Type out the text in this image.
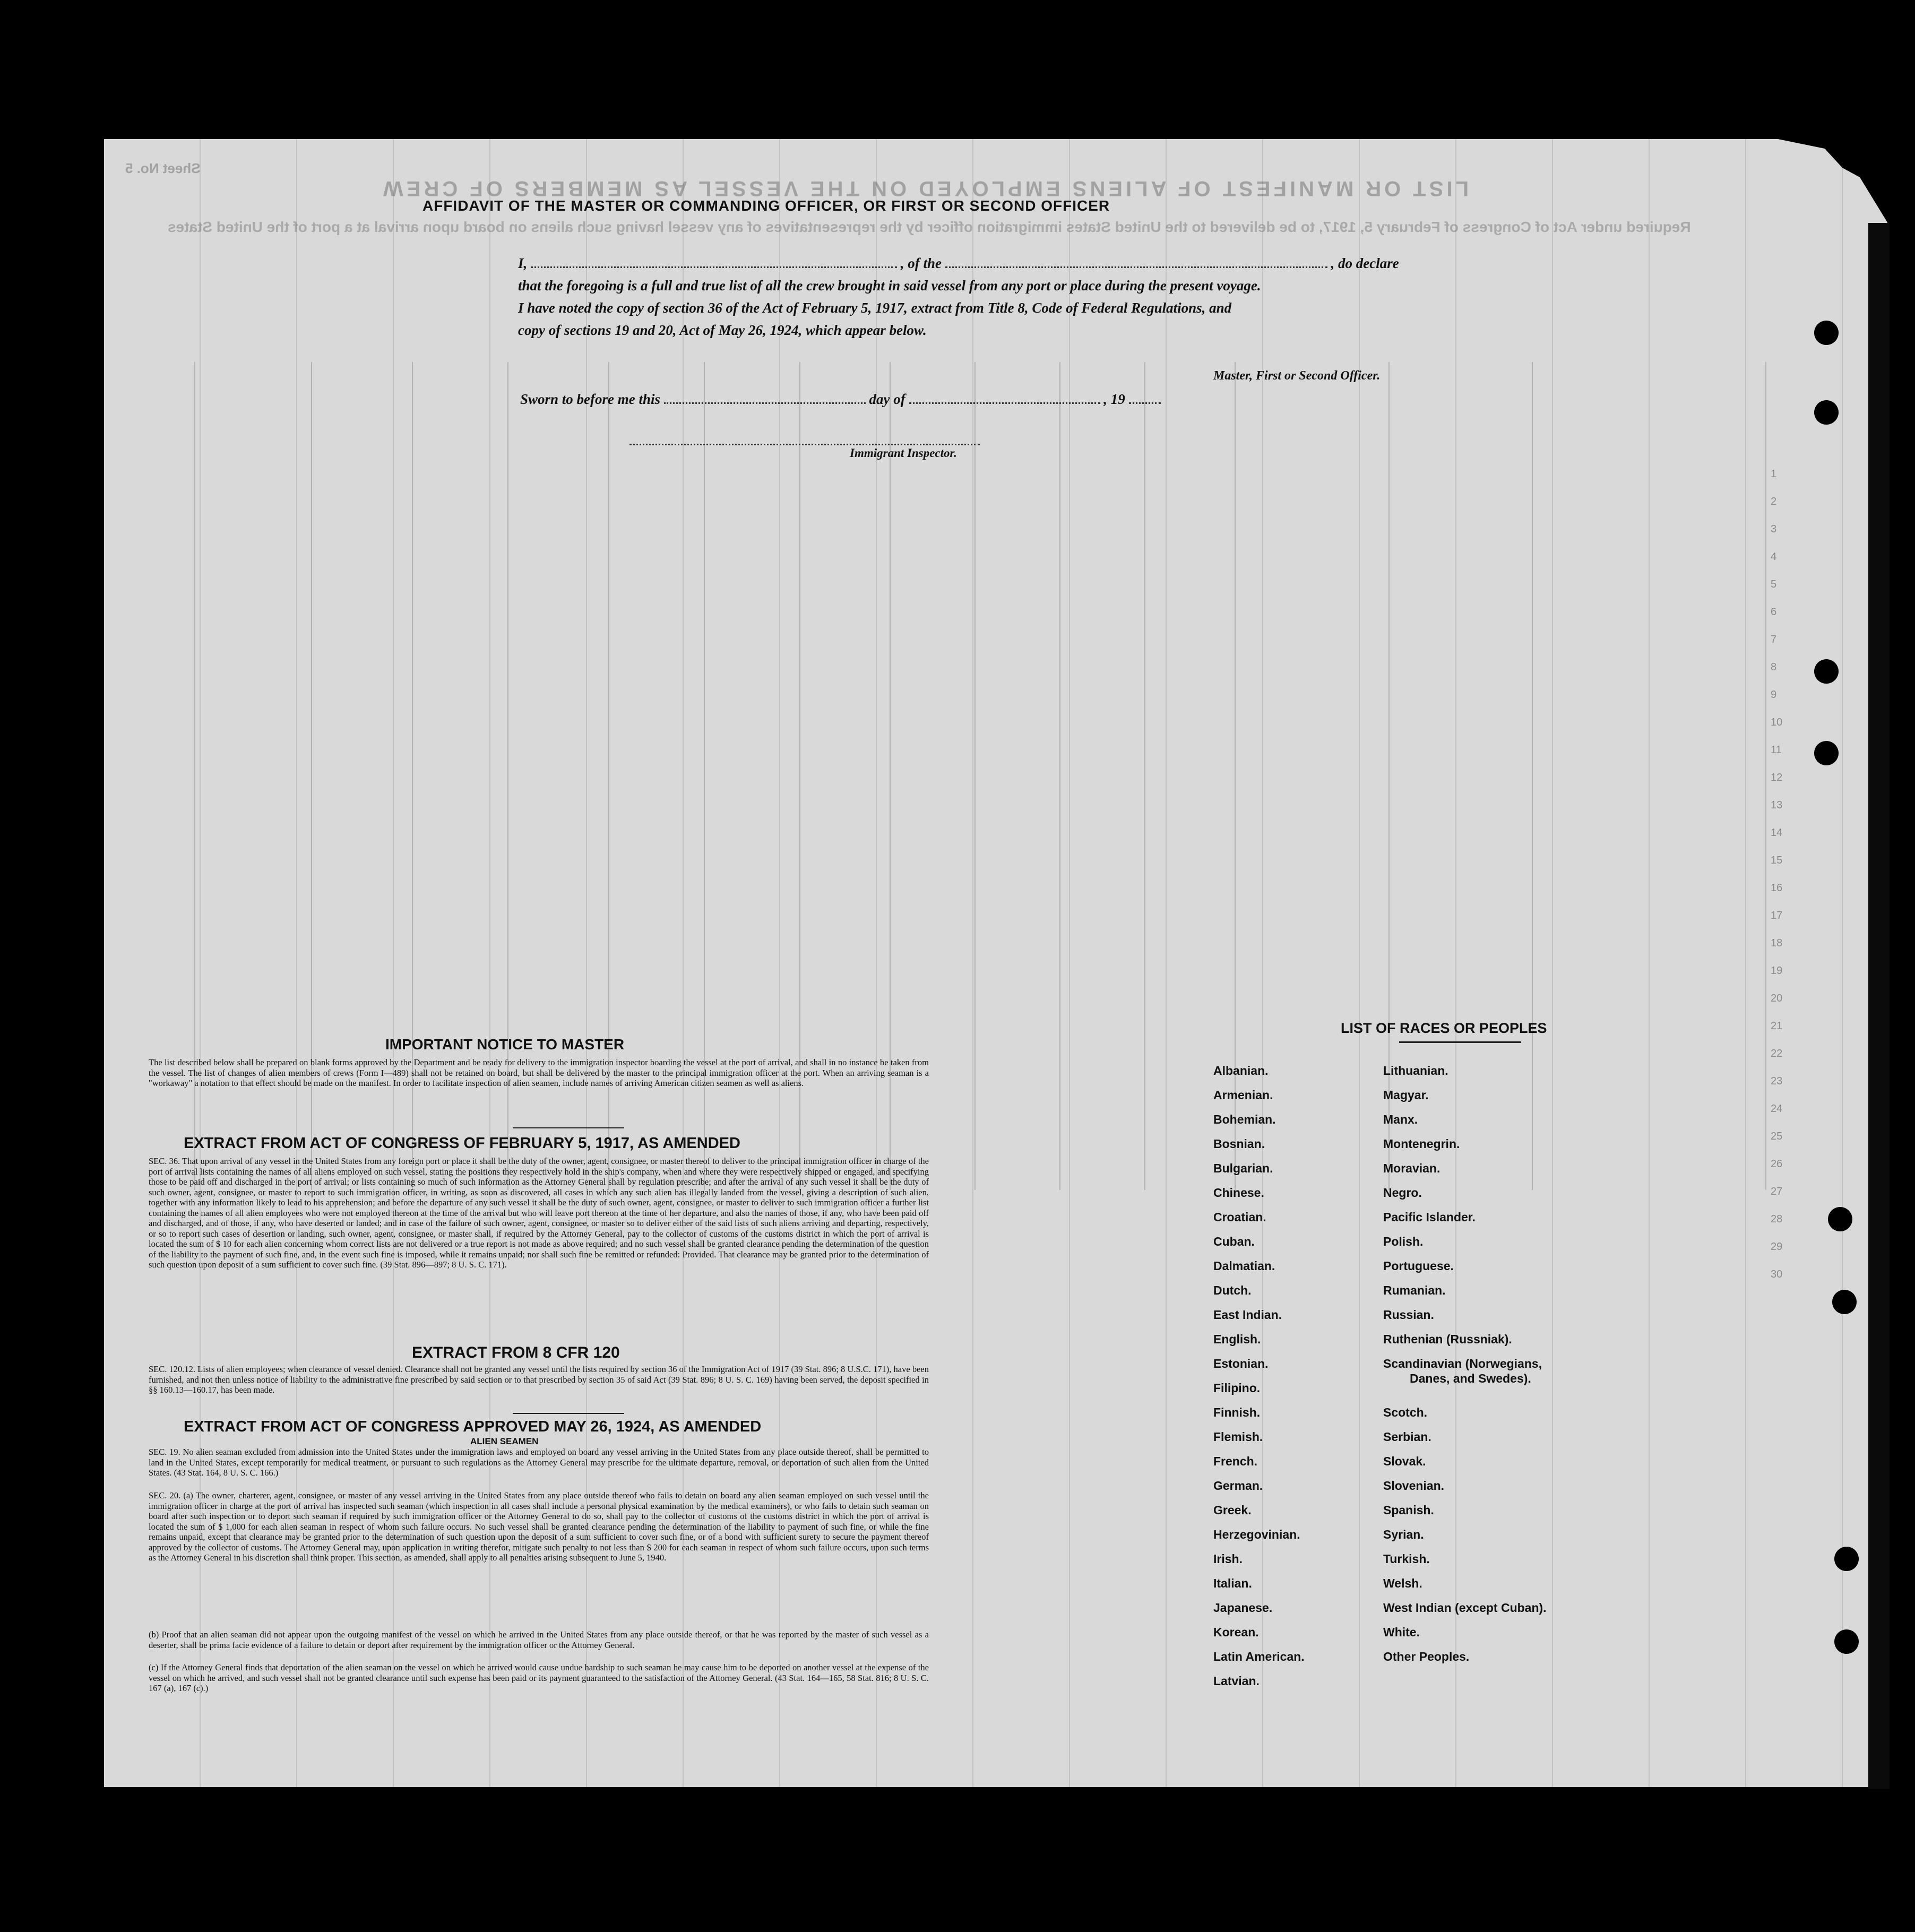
LIST OR MANIFEST OF ALIENS EMPLOYED ON THE VESSEL AS MEMBERS OF CREW
Required under Act of Congress of February 5, 1917, to be delivered to the United States immigration officer by the representatives of any vessel having such aliens on board upon arrival at a port of the United States
Sheet No. 5
AFFIDAVIT OF THE MASTER OR COMMANDING OFFICER, OR FIRST OR SECOND OFFICER
I,	, of the	, do declare
that the foregoing is a full and true list of all the crew brought in said vessel from any port or place during the present voyage.
I have noted the copy of section 36 of the Act of February 5, 1917, extract from Title 8, Code of Federal Regulations, and
copy of sections 19 and 20, Act of May 26, 1924, which appear below.
Master, First or Second Officer.
Sworn to before me this	day of	, 19
Immigrant Inspector.
IMPORTANT NOTICE TO MASTER
The list described below shall be prepared on blank forms approved by the Department and be ready for delivery to the immigration inspector boarding the vessel at the port of arrival, and shall in no instance be taken from the vessel. The list of changes of alien members of crews (Form I—489) shall not be retained on board, but shall be delivered by the master to the principal immigration officer at the port. When an arriving seaman is a "workaway" a notation to that effect should be made on the manifest. In order to facilitate inspection of alien seamen, include names of arriving American citizen seamen as well as aliens.
EXTRACT FROM ACT OF CONGRESS OF FEBRUARY 5, 1917, AS AMENDED
SEC. 36. That upon arrival of any vessel in the United States from any foreign port or place it shall be the duty of the owner, agent, consignee, or master thereof to deliver to the principal immigration officer in charge of the port of arrival lists containing the names of all aliens employed on such vessel, stating the positions they respectively hold in the ship's company, when and where they were respectively shipped or engaged, and specifying those to be paid off and discharged in the port of arrival; or lists containing so much of such information as the Attorney General shall by regulation prescribe; and after the arrival of any such vessel it shall be the duty of such owner, agent, consignee, or master to report to such immigration officer, in writing, as soon as discovered, all cases in which any such alien has illegally landed from the vessel, giving a description of such alien, together with any information likely to lead to his apprehension; and before the departure of any such vessel it shall be the duty of such owner, agent, consignee, or master to deliver to such immigration officer a further list containing the names of all alien employees who were not employed thereon at the time of the arrival but who will leave port thereon at the time of her departure, and also the names of those, if any, who have been paid off and discharged, and of those, if any, who have deserted or landed; and in case of the failure of such owner, agent, consignee, or master so to deliver either of the said lists of such aliens arriving and departing, respectively, or so to report such cases of desertion or landing, such owner, agent, consignee, or master shall, if required by the Attorney General, pay to the collector of customs of the customs district in which the port of arrival is located the sum of $ 10 for each alien concerning whom correct lists are not delivered or a true report is not made as above required; and no such vessel shall be granted clearance pending the determination of the question of the liability to the payment of such fine, and, in the event such fine is imposed, while it remains unpaid; nor shall such fine be remitted or refunded: Provided. That clearance may be granted prior to the determination of such question upon deposit of a sum sufficient to cover such fine. (39 Stat. 896—897; 8 U. S. C. 171).
EXTRACT FROM 8 CFR 120
SEC. 120.12. Lists of alien employees; when clearance of vessel denied. Clearance shall not be granted any vessel until the lists required by section 36 of the Immigration Act of 1917 (39 Stat. 896; 8 U.S.C. 171), have been furnished, and not then unless notice of liability to the administrative fine prescribed by said section or to that prescribed by section 35 of said Act (39 Stat. 896; 8 U. S. C. 169) having been served, the deposit specified in §§ 160.13—160.17, has been made.
EXTRACT FROM ACT OF CONGRESS APPROVED MAY 26, 1924, AS AMENDED
ALIEN SEAMEN
SEC. 19. No alien seaman excluded from admission into the United States under the immigration laws and employed on board any vessel arriving in the United States from any place outside thereof, shall be permitted to land in the United States, except temporarily for medical treatment, or pursuant to such regulations as the Attorney General may prescribe for the ultimate departure, removal, or deportation of such alien from the United States. (43 Stat. 164, 8 U. S. C. 166.)
SEC. 20. (a) The owner, charterer, agent, consignee, or master of any vessel arriving in the United States from any place outside thereof who fails to detain on board any alien seaman employed on such vessel until the immigration officer in charge at the port of arrival has inspected such seaman (which inspection in all cases shall include a personal physical examination by the medical examiners), or who fails to detain such seaman on board after such inspection or to deport such seaman if required by such immigration officer or the Attorney General to do so, shall pay to the collector of customs of the customs district in which the port of arrival is located the sum of $ 1,000 for each alien seaman in respect of whom such failure occurs. No such vessel shall be granted clearance pending the determination of the liability to payment of such fine, or while the fine remains unpaid, except that clearance may be granted prior to the determination of such question upon the deposit of a sum sufficient to cover such fine, or of a bond with sufficient surety to secure the payment thereof approved by the collector of customs. The Attorney General may, upon application in writing therefor, mitigate such penalty to not less than $ 200 for each seaman in respect of whom such failure occurs, upon such terms as the Attorney General in his discretion shall think proper. This section, as amended, shall apply to all penalties arising subsequent to June 5, 1940.
(b) Proof that an alien seaman did not appear upon the outgoing manifest of the vessel on which he arrived in the United States from any place outside thereof, or that he was reported by the master of such vessel as a deserter, shall be prima facie evidence of a failure to detain or deport after requirement by the immigration officer or the Attorney General.
(c) If the Attorney General finds that deportation of the alien seaman on the vessel on which he arrived would cause undue hardship to such seaman he may cause him to be deported on another vessel at the expense of the vessel on which he arrived, and such vessel shall not be granted clearance until such expense has been paid or its payment guaranteed to the satisfaction of the Attorney General. (43 Stat. 164—165, 58 Stat. 816; 8 U. S. C. 167 (a), 167 (c).)
LIST OF RACES OR PEOPLES
Albanian.
Armenian.
Bohemian.
Bosnian.
Bulgarian.
Chinese.
Croatian.
Cuban.
Dalmatian.
Dutch.
East Indian.
English.
Estonian.
Filipino.
Finnish.
Flemish.
French.
German.
Greek.
Herzegovinian.
Irish.
Italian.
Japanese.
Korean.
Latin American.
Latvian.
Lithuanian.
Magyar.
Manx.
Montenegrin.
Moravian.
Negro.
Pacific Islander.
Polish.
Portuguese.
Rumanian.
Russian.
Ruthenian (Russniak).
Scandinavian (Norwegians,
Danes, and Swedes).
Scotch.
Serbian.
Slovak.
Slovenian.
Spanish.
Syrian.
Turkish.
Welsh.
West Indian (except Cuban).
White.
Other Peoples.
1
2
3
4
5
6
7
8
9
10
11
12
13
14
15
16
17
18
19
20
21
22
23
24
25
26
27
28
29
30
